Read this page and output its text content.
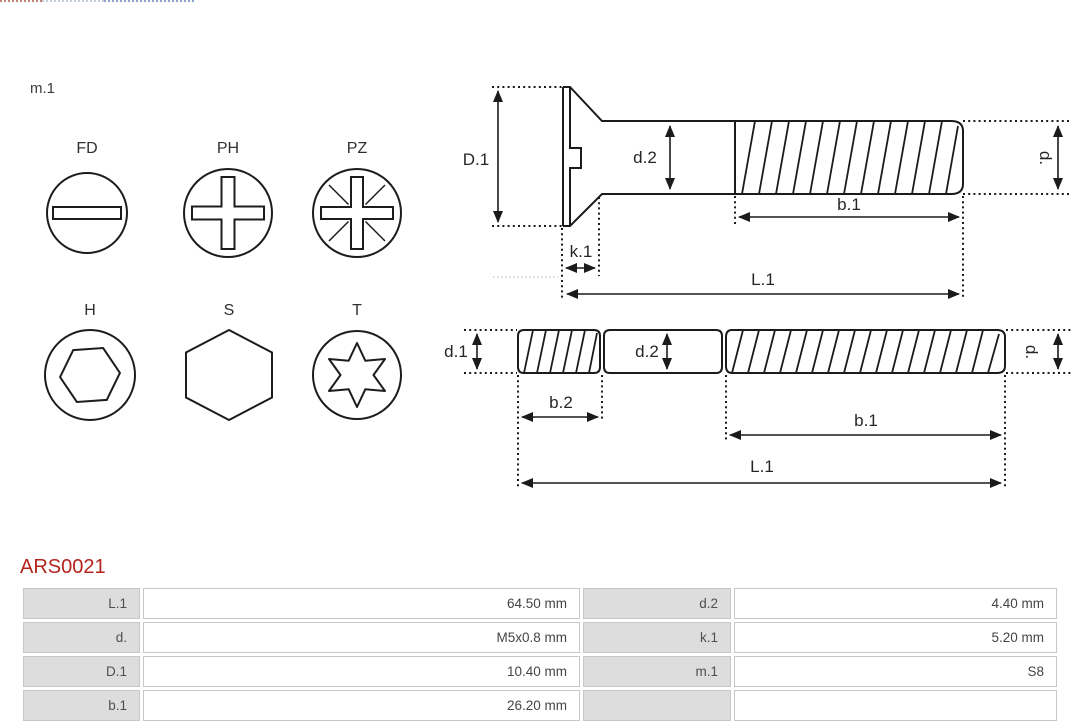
m.1
FD	PH	PZ
H	S	T
D.1	d.2	d.
b.1
k.1
L.1
d.1	d.2	d.
b.2
b.1
L.1
ARS0021
L.1	64.50 mm	d.2	4.40 mm
d.	M5x0.8 mm	k.1	5.20 mm
D.1	10.40 mm	m.1	S8
b.1	26.20 mm		
